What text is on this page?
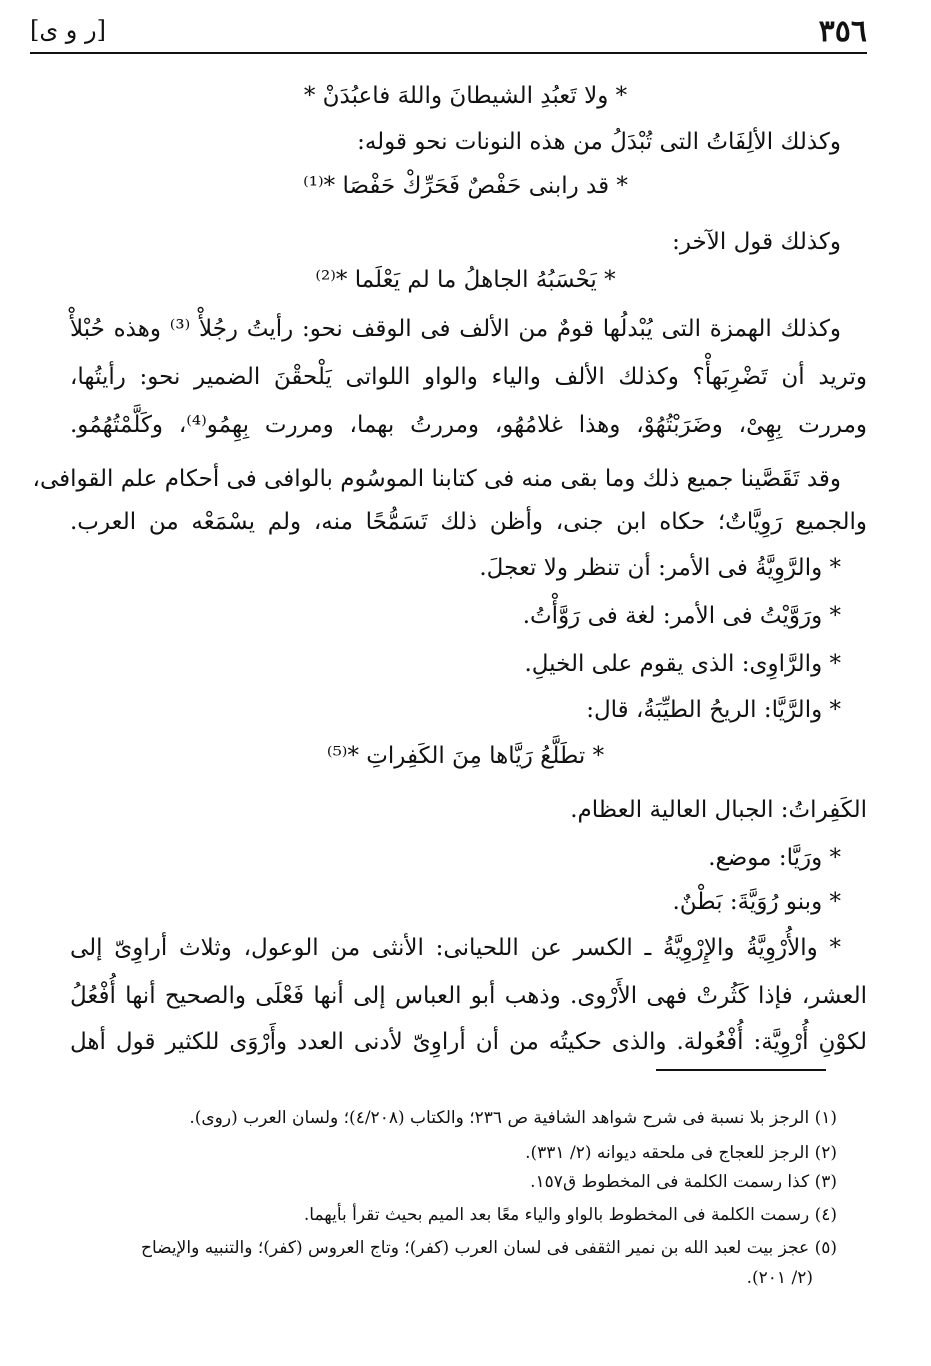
٣٥٦
[ر و ى]
* ولا تَعبُدِ الشيطانَ واللهَ فاعبُدَنْ *
وكذلك الألِفَاتُ التى تُبْدَلُ من هذه النونات نحو قوله:
* قد رابنى حَفْصٌ فَحَرِّكْ حَفْصَا *⁽¹⁾
وكذلك قول الآخر:
* يَحْسَبُهُ الجاهلُ ما لم يَعْلَما *⁽²⁾
وكذلك الهمزة التى يُبْدلُها قومٌ من الألف فى الوقف نحو: رأيتُ رجُلأْ ⁽³⁾ وهذه حُبْلأْ
وتريد أن تَضْرِبَهأْ؟ وكذلك الألف والياء والواو اللواتى يَلْحقْنَ الضمير نحو: رأيتُها،
ومررت بِهِىْ، وضَرَبْتُهُوْ، وهذا غلامُهُو، ومررتُ بهما، ومررت بِهِمُو⁽⁴⁾، وكَلَّمْتُهُمُو.
وقد تَقَصَّينا جميع ذلك وما بقى منه فى كتابنا الموسُوم بالوافى فى أحكام علم القوافى،
والجميع رَوِيَّاتٌ؛ حكاه ابن جنى، وأظن ذلك تَسَمُّحًا منه، ولم يسْمَعْه من العرب.
* والرَّوِيَّةُ فى الأمر: أن تنظر ولا تعجلَ.
* ورَوَّيْتُ فى الأمر: لغة فى رَوَّأْتُ.
* والرَّاوِى: الذى يقوم على الخيلِ.
* والرَّيَّا: الريحُ الطيِّبَةُ، قال:
* تطَلَّعُ رَيَّاها مِنَ الكَفِراتِ *⁽⁵⁾
الكَفِراتُ: الجبال العالية العظام.
* ورَيَّا: موضع.
* وبنو رُوَيَّةَ: بَطْنٌ.
* والأُرْوِيَّةُ والإِرْوِيَّةُ ـ الكسر عن اللحيانى: الأنثى من الوعول، وثلاث أراوِىّ إلى
العشر، فإذا كَثُرتْ فهى الأَرْوى. وذهب أبو العباس إلى أنها فَعْلَى والصحيح أنها أُفْعُلُ
لكوْنِ أُرْوِيَّة: أُفْعُولة. والذى حكيتُه من أن أراوِىّ لأدنى العدد وأَرْوَى للكثير قول أهل
(١) الرجز بلا نسبة فى شرح شواهد الشافية ص ٢٣٦؛ والكتاب (٤/٢٠٨)؛ ولسان العرب (روى).
(٢) الرجز للعجاج فى ملحقه ديوانه (٢/ ٣٣١).
(٣) كذا رسمت الكلمة فى المخطوط ق١٥٧.
(٤) رسمت الكلمة فى المخطوط بالواو والياء معًا بعد الميم بحيث تقرأ بأيهما.
(٥) عجز بيت لعبد الله بن نمير الثقفى فى لسان العرب (كفر)؛ وتاج العروس (كفر)؛ والتنبيه والإيضاح
(٢/ ٢٠١).
